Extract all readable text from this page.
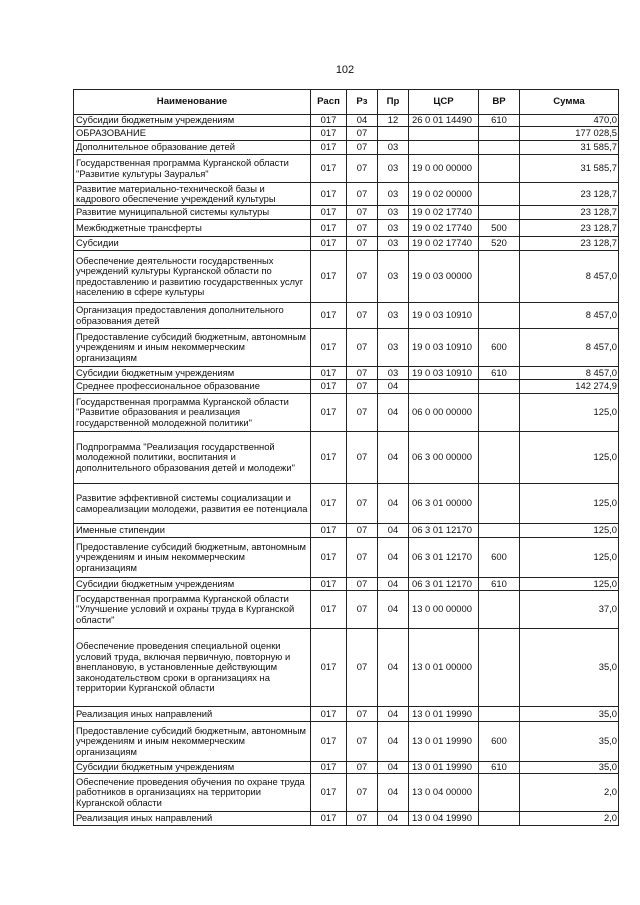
102
Наименование	Расп	Рз	Пр	ЦСР	ВР	Сумма
Субсидии бюджетным учреждениям	017	04	12	26 0 01 14490	610	470,0
ОБРАЗОВАНИЕ	017	07				177 028,5
Дополнительное образование детей	017	07	03			31 585,7
Государственная программа Курганской области "Развитие культуры Зауралья"	017	07	03	19 0 00 00000		31 585,7
Развитие материально-технической базы и кадрового обеспечение учреждений культуры	017	07	03	19 0 02 00000		23 128,7
Развитие муниципальной системы культуры	017	07	03	19 0 02 17740		23 128,7
Межбюджетные трансферты	017	07	03	19 0 02 17740	500	23 128,7
Субсидии	017	07	03	19 0 02 17740	520	23 128,7
Обеспечение деятельности государственных учреждений культуры Курганской области по предоставлению и развитию государственных услуг населению в сфере культуры	017	07	03	19 0 03 00000		8 457,0
Организация предоставления дополнительного образования детей	017	07	03	19 0 03 10910		8 457,0
Предоставление субсидий бюджетным, автономным учреждениям и иным некоммерческим организациям	017	07	03	19 0 03 10910	600	8 457,0
Субсидии бюджетным учреждениям	017	07	03	19 0 03 10910	610	8 457,0
Среднее профессиональное образование	017	07	04			142 274,9
Государственная программа Курганской области "Развитие образования и реализация государственной молодежной политики"	017	07	04	06 0 00 00000		125,0
Подпрограмма "Реализация государственной молодежной политики, воспитания и дополнительного образования детей и молодежи"	017	07	04	06 3 00 00000		125,0
Развитие эффективной системы социализации и самореализации молодежи, развития ее потенциала	017	07	04	06 3 01 00000		125,0
Именные стипендии	017	07	04	06 3 01 12170		125,0
Предоставление субсидий бюджетным, автономным учреждениям и иным некоммерческим организациям	017	07	04	06 3 01 12170	600	125,0
Субсидии бюджетным учреждениям	017	07	04	06 3 01 12170	610	125,0
Государственная программа Курганской области "Улучшение условий и охраны труда в Курганской области"	017	07	04	13 0 00 00000		37,0
Обеспечение проведения специальной оценки условий труда, включая первичную, повторную и внеплановую, в установленные действующим законодательством сроки в организациях на территории Курганской области	017	07	04	13 0 01 00000		35,0
Реализация иных направлений	017	07	04	13 0 01 19990		35,0
Предоставление субсидий бюджетным, автономным учреждениям и иным некоммерческим организациям	017	07	04	13 0 01 19990	600	35,0
Субсидии бюджетным учреждениям	017	07	04	13 0 01 19990	610	35,0
Обеспечение проведения обучения по охране труда работников в организациях на территории Курганской области	017	07	04	13 0 04 00000		2,0
Реализация иных направлений	017	07	04	13 0 04 19990		2,0
